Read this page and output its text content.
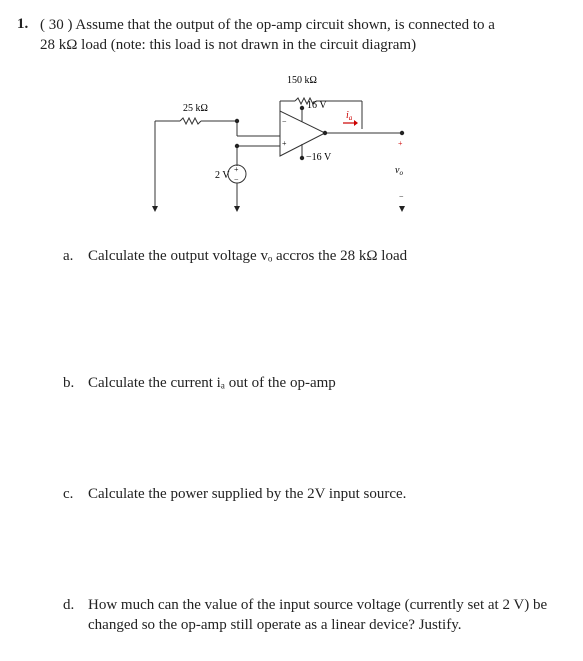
1. ( 30 ) Assume that the output of the op-amp circuit shown, is connected to a
28 kΩ load (note: this load is not drawn in the circuit diagram)
150 kΩ
25 kΩ	16 V
−16 V
2 V
+
−
−
+
$i_a$
+
$v_o$
−
a. Calculate the output voltage vₒ accros the 28 kΩ load
b. Calculate the current iₐ out of the op-amp
c. Calculate the power supplied by the 2V input source.
d. How much can the value of the input source voltage (currently set at 2 V) be changed so the op-amp still operate as a linear device? Justify.
